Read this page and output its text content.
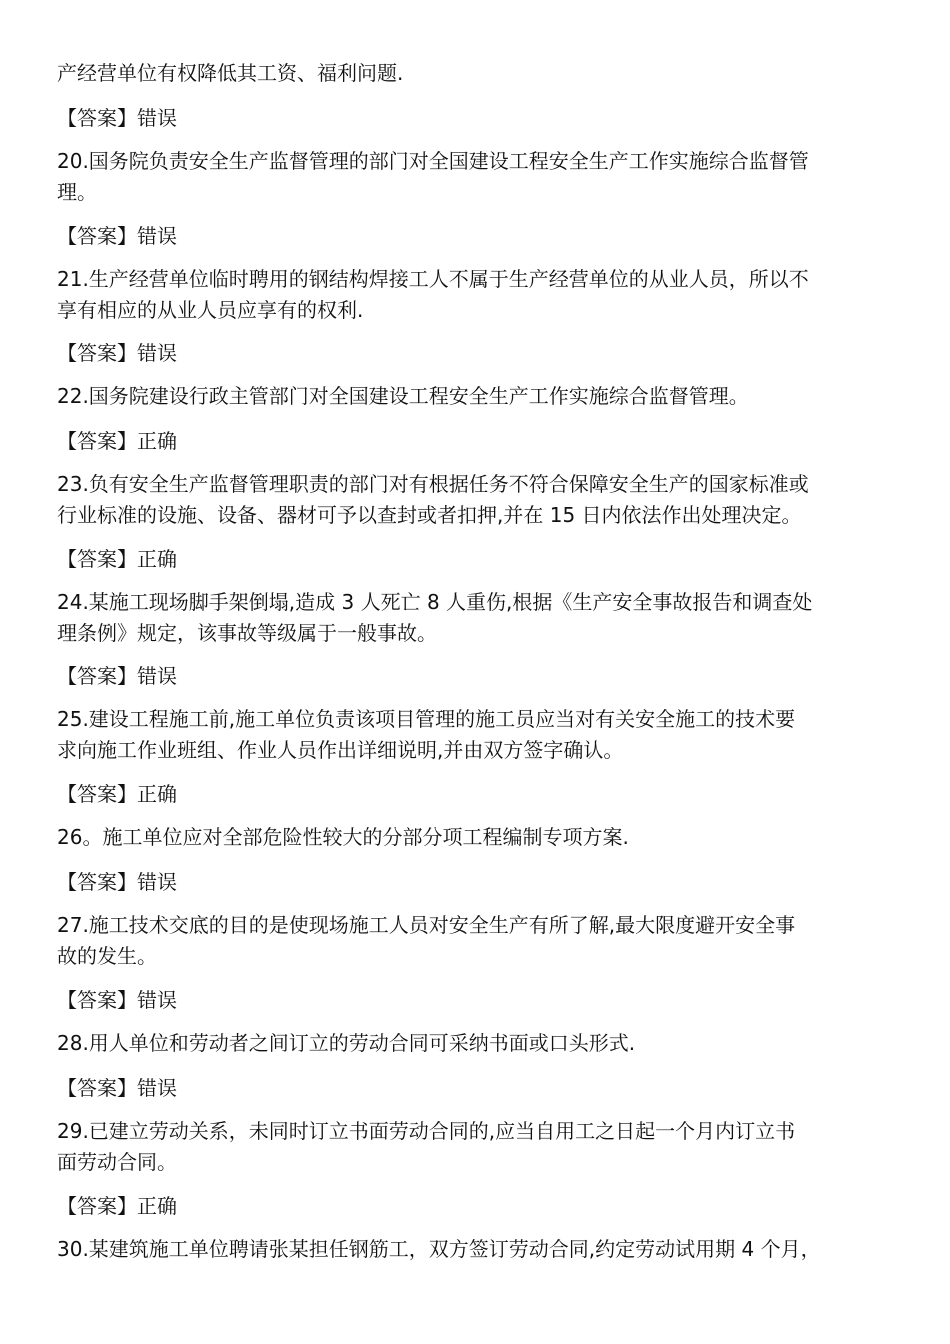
产经营单位有权降低其工资、福利问题.
【答案】错误
20.国务院负责安全生产监督管理的部门对全国建设工程安全生产工作实施综合监督管
理。
【答案】错误
21.生产经营单位临时聘用的钢结构焊接工人不属于生产经营单位的从业人员，所以不
享有相应的从业人员应享有的权利.
【答案】错误
22.国务院建设行政主管部门对全国建设工程安全生产工作实施综合监督管理。
【答案】正确
23.负有安全生产监督管理职责的部门对有根据任务不符合保障安全生产的国家标准或
行业标准的设施、设备、器材可予以查封或者扣押,并在 15 日内依法作出处理决定。
【答案】正确
24.某施工现场脚手架倒塌,造成 3 人死亡 8 人重伤,根据《生产安全事故报告和调查处
理条例》规定，该事故等级属于一般事故。
【答案】错误
25.建设工程施工前,施工单位负责该项目管理的施工员应当对有关安全施工的技术要
求向施工作业班组、作业人员作出详细说明,并由双方签字确认。
【答案】正确
26。施工单位应对全部危险性较大的分部分项工程编制专项方案.
【答案】错误
27.施工技术交底的目的是使现场施工人员对安全生产有所了解,最大限度避开安全事
故的发生。
【答案】错误
28.用人单位和劳动者之间订立的劳动合同可采纳书面或口头形式.
【答案】错误
29.已建立劳动关系，未同时订立书面劳动合同的,应当自用工之日起一个月内订立书
面劳动合同。
【答案】正确
30.某建筑施工单位聘请张某担任钢筋工，双方签订劳动合同,约定劳动试用期 4 个月，
